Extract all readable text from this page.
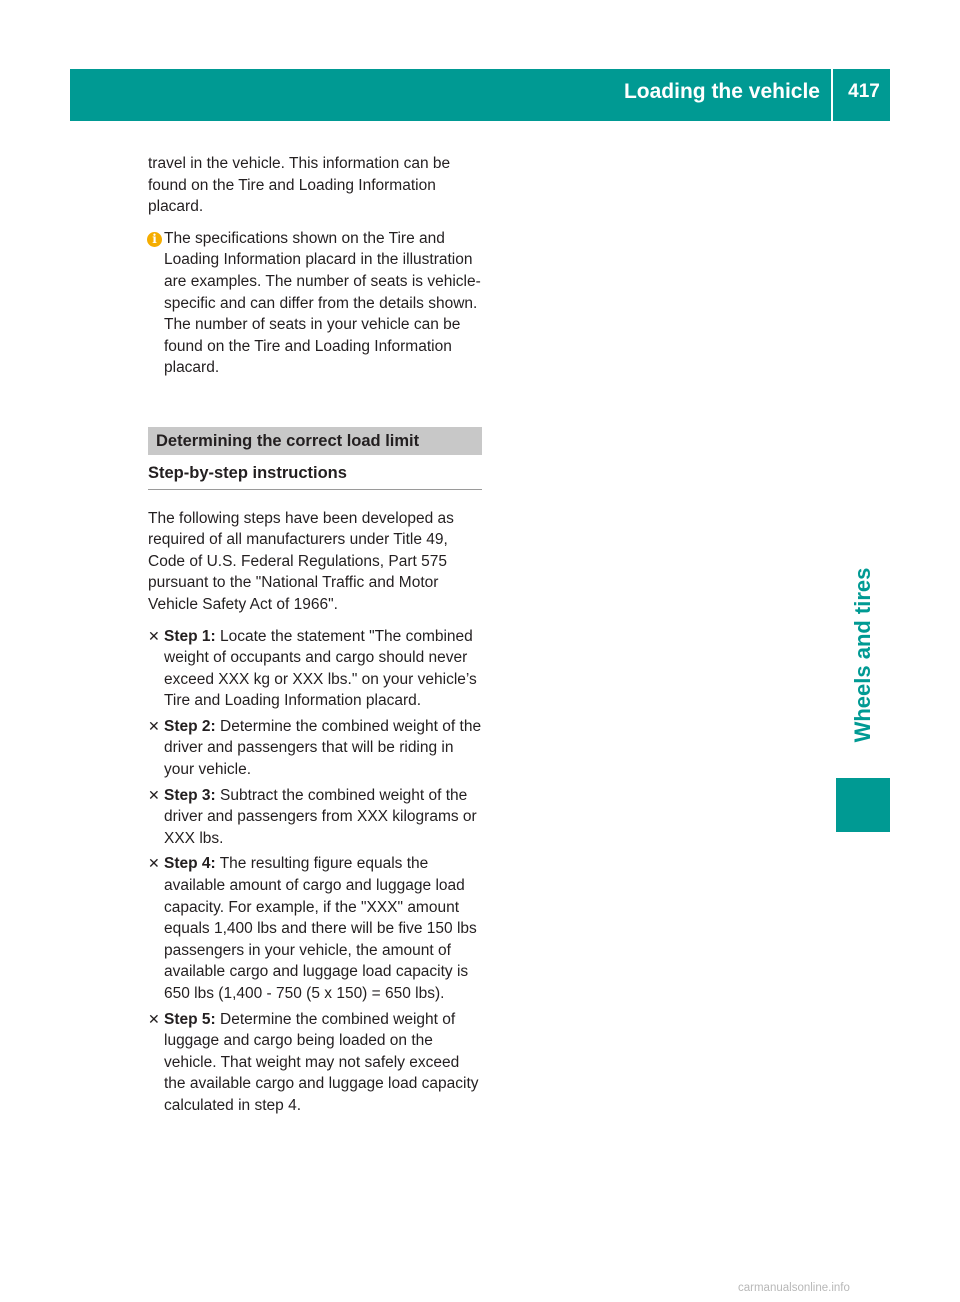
Loading the vehicle	417
Wheels and tires

travel in the vehicle. This information can be found on the Tire and Loading Information placard.

i The specifications shown on the Tire and Loading Information placard in the illustration are examples. The number of seats is vehicle-specific and can differ from the details shown. The number of seats in your vehicle can be found on the Tire and Loading Information placard.
Determining the correct load limit
Step-by-step instructions

The following steps have been developed as required of all manufacturers under Title 49, Code of U.S. Federal Regulations, Part 575 pursuant to the "National Traffic and Motor Vehicle Safety Act of 1966".

✕ Step 1: Locate the statement "The combined weight of occupants and cargo should never exceed XXX kg or XXX lbs." on your vehicle’s Tire and Loading Information placard.
✕ Step 2: Determine the combined weight of the driver and passengers that will be riding in your vehicle.
✕ Step 3: Subtract the combined weight of the driver and passengers from XXX kilograms or XXX lbs.
✕ Step 4: The resulting figure equals the available amount of cargo and luggage load capacity. For example, if the "XXX" amount equals 1,400 lbs and there will be five 150 lbs passengers in your vehicle, the amount of available cargo and luggage load capacity is 650 lbs (1,400 - 750 (5 x 150) = 650 lbs).
✕ Step 5: Determine the combined weight of luggage and cargo being loaded on the vehicle. That weight may not safely exceed the available cargo and luggage load capacity calculated in step 4.
carmanualsonline.info
